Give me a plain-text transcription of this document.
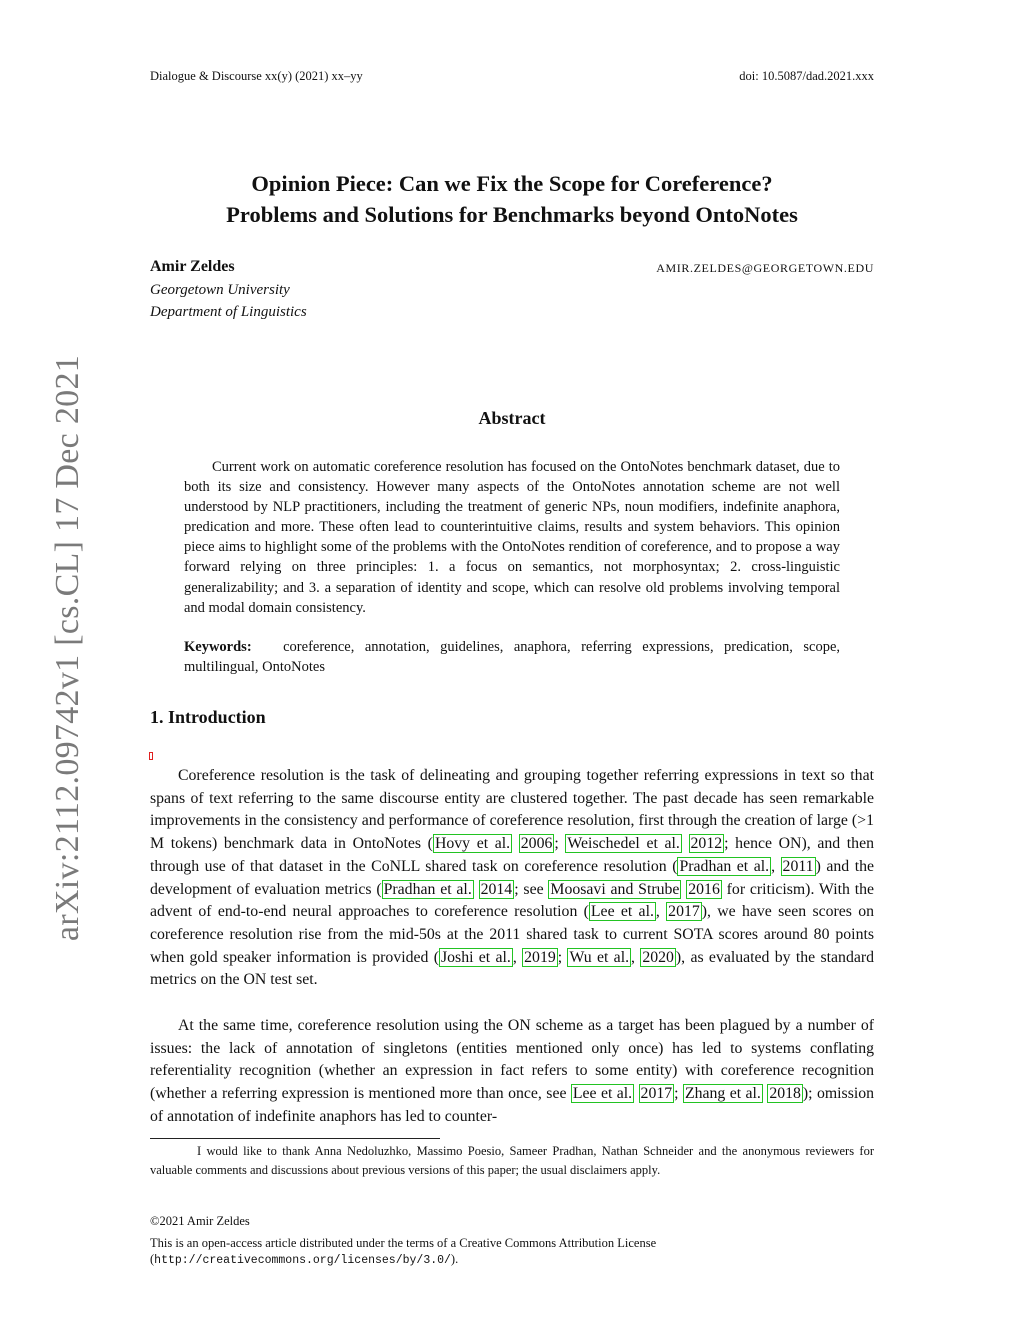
Dialogue & Discourse xx(y) (2021) xx–yy	doi: 10.5087/dad.2021.xxx
arXiv:2112.09742v1 [cs.CL] 17 Dec 2021
Opinion Piece: Can we Fix the Scope for Coreference?
Problems and Solutions for Benchmarks beyond OntoNotes
Amir Zeldes	AMIR.ZELDES@GEORGETOWN.EDU
Georgetown University
Department of Linguistics
Abstract

Current work on automatic coreference resolution has focused on the OntoNotes benchmark dataset, due to both its size and consistency. However many aspects of the OntoNotes annotation scheme are not well understood by NLP practitioners, including the treatment of generic NPs, noun modifiers, indefinite anaphora, predication and more. These often lead to counterintuitive claims, results and system behaviors. This opinion piece aims to highlight some of the problems with the OntoNotes rendition of coreference, and to propose a way forward relying on three principles: 1. a focus on semantics, not morphosyntax; 2. cross-linguistic generalizability; and 3. a separation of identity and scope, which can resolve old problems involving temporal and modal domain consistency.

Keywords: coreference, annotation, guidelines, anaphora, referring expressions, predication, scope, multilingual, OntoNotes

1. Introduction

Coreference resolution is the task of delineating and grouping together referring expressions in text so that spans of text referring to the same discourse entity are clustered together. The past decade has seen remarkable improvements in the consistency and performance of coreference resolution, first through the creation of large (>1 M tokens) benchmark data in OntoNotes ( Hovy et al. 2006 ; Weischedel et al. 2012 ; hence ON), and then through use of that dataset in the CoNLL shared task on coreference resolution ( Pradhan et al. , 2011 ) and the development of evaluation metrics ( Pradhan et al. 2014 ; see Moosavi and Strube 2016 for criticism). With the advent of end-to-end neural approaches to coreference resolution ( Lee et al. , 2017 ), we have seen scores on coreference resolution rise from the mid-50s at the 2011 shared task to current SOTA scores around 80 points when gold speaker information is provided ( Joshi et al. , 2019 ; Wu et al. , 2020 ), as evaluated by the standard metrics on the ON test set.

At the same time, coreference resolution using the ON scheme as a target has been plagued by a number of issues: the lack of annotation of singletons (entities mentioned only once) has led to systems conflating referentiality recognition (whether an expression in fact refers to some entity) with coreference recognition (whether a referring expression is mentioned more than once, see Lee et al. 2017 ; Zhang et al. 2018 ); omission of annotation of indefinite anaphors has led to counter-

I would like to thank Anna Nedoluzhko, Massimo Poesio, Sameer Pradhan, Nathan Schneider and the anonymous reviewers for valuable comments and discussions about previous versions of this paper; the usual disclaimers apply.

©2021 Amir Zeldes
This is an open-access article distributed under the terms of a Creative Commons Attribution License
(http://creativecommons.org/licenses/by/3.0/).
